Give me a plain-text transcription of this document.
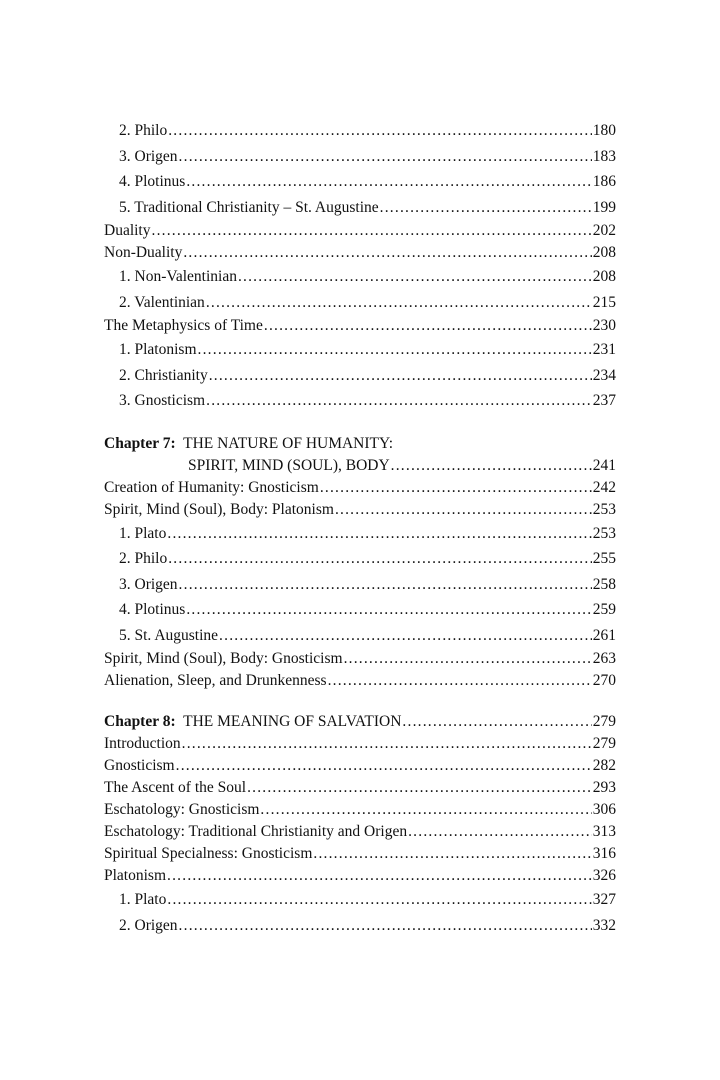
2. Philo .....	180
3. Origen .....	183
4. Plotinus .....	186
5. Traditional Christianity – St. Augustine .....	199
Duality .....	202
Non-Duality .....	208
1. Non-Valentinian .....	208
2. Valentinian .....	215
The Metaphysics of Time .....	230
1. Platonism .....	231
2. Christianity .....	234
3. Gnosticism .....	237
Chapter 7: THE NATURE OF HUMANITY:
SPIRIT, MIND (SOUL), BODY .....	241
Creation of Humanity: Gnosticism .....	242
Spirit, Mind (Soul), Body: Platonism .....	253
1. Plato .....	253
2. Philo .....	255
3. Origen .....	258
4. Plotinus .....	259
5. St. Augustine .....	261
Spirit, Mind (Soul), Body: Gnosticism .....	263
Alienation, Sleep, and Drunkenness .....	270
Chapter 8: THE MEANING OF SALVATION .....	279
Introduction .....	279
Gnosticism .....	282
The Ascent of the Soul .....	293
Eschatology: Gnosticism .....	306
Eschatology: Traditional Christianity and Origen .....	313
Spiritual Specialness: Gnosticism .....	316
Platonism .....	326
1. Plato .....	327
2. Origen .....	332
